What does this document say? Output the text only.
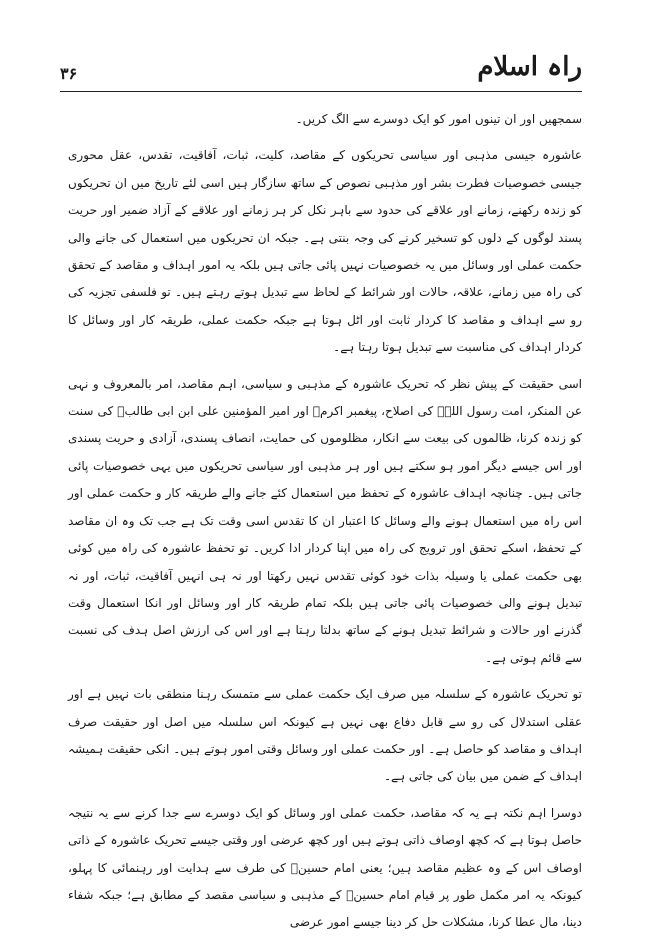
راہ اسلام
۳۶

سمجھیں اور ان تینوں امور کو ایک دوسرے سے الگ کریں۔

عاشورہ جیسی مذہبی اور سیاسی تحریکوں کے مقاصد، کلیت، ثبات، آفاقیت، تقدس، عقل محوری جیسی خصوصیات فطرت بشر اور مذہبی نصوص کے ساتھ سازگار ہیں اسی لئے تاریخ میں ان تحریکوں کو زندہ رکھنے، زمانے اور علاقے کی حدود سے باہر نکل کر ہر زمانے اور علاقے کے آزاد ضمیر اور حریت پسند لوگوں کے دلوں کو تسخیر کرنے کی وجہ بنتی ہے۔ جبکہ ان تحریکوں میں استعمال کی جانے والی حکمت عملی اور وسائل میں یہ خصوصیات نہیں پائی جاتی ہیں بلکہ یہ امور اہداف و مقاصد کے تحقق کی راہ میں زمانے، علاقہ، حالات اور شرائط کے لحاظ سے تبدیل ہوتے رہتے ہیں۔ تو فلسفی تجزیہ کی رو سے اہداف و مقاصد کا کردار ثابت اور اٹل ہوتا ہے جبکہ حکمت عملی، طریقہ کار اور وسائل کا کردار اہداف کی مناسبت سے تبدیل ہوتا رہتا ہے۔

اسی حقیقت کے پیش نظر کہ تحریک عاشورہ کے مذہبی و سیاسی، اہم مقاصد، امر بالمعروف و نہی عن المنکر، امت رسول اللہؐ کی اصلاح، پیغمبر اکرمؐ اور امیر المؤمنین علی ابن ابی طالبؑ کی سنت کو زندہ کرنا، ظالموں کی بیعت سے انکار، مظلوموں کی حمایت، انصاف پسندی، آزادی و حریت پسندی اور اس جیسے دیگر امور ہو سکتے ہیں اور ہر مذہبی اور سیاسی تحریکوں میں یہی خصوصیات پائی جاتی ہیں۔ چنانچہ اہداف عاشورہ کے تحفظ میں استعمال کئے جانے والے طریقہ کار و حکمت عملی اور اس راہ میں استعمال ہونے والے وسائل کا اعتبار ان کا تقدس اسی وقت تک ہے جب تک وہ ان مقاصد کے تحفظ، اسکے تحقق اور ترویج کی راہ میں اپنا کردار ادا کریں۔ تو تحفظ عاشورہ کی راہ میں کوئی بھی حکمت عملی یا وسیلہ بذات خود کوئی تقدس نہیں رکھتا اور نہ ہی انہیں آفاقیت، ثبات، اور نہ تبدیل ہونے والی خصوصیات پائی جاتی ہیں بلکہ تمام طریقہ کار اور وسائل اور انکا استعمال وقت گذرنے اور حالات و شرائط تبدیل ہونے کے ساتھ بدلتا رہتا ہے اور اس کی ارزش اصل ہدف کی نسبت سے قائم ہوتی ہے۔

تو تحریک عاشورہ کے سلسلہ میں صرف ایک حکمت عملی سے متمسک رہنا منطقی بات نہیں ہے اور عقلی استدلال کی رو سے قابل دفاع بھی نہیں ہے کیونکہ اس سلسلہ میں اصل اور حقیقت صرف اہداف و مقاصد کو حاصل ہے۔ اور حکمت عملی اور وسائل وقتی امور ہوتے ہیں۔ انکی حقیقت ہمیشہ اہداف کے ضمن میں بیان کی جاتی ہے۔

دوسرا اہم نکتہ ہے یہ کہ مقاصد، حکمت عملی اور وسائل کو ایک دوسرے سے جدا کرنے سے یہ نتیجہ حاصل ہوتا ہے کہ کچھ اوصاف ذاتی ہوتے ہیں اور کچھ عرضی اور وقتی جیسے تحریک عاشورہ کے ذاتی اوصاف اس کے وہ عظیم مقاصد ہیں؛ یعنی امام حسینؑ کی طرف سے ہدایت اور رہنمائی کا پہلو، کیونکہ یہ امر مکمل طور پر قیام امام حسینؑ کے مذہبی و سیاسی مقصد کے مطابق ہے؛ جبکہ شفاء دینا، مال عطا کرنا، مشکلات حل کر دینا جیسے امور عرضی
